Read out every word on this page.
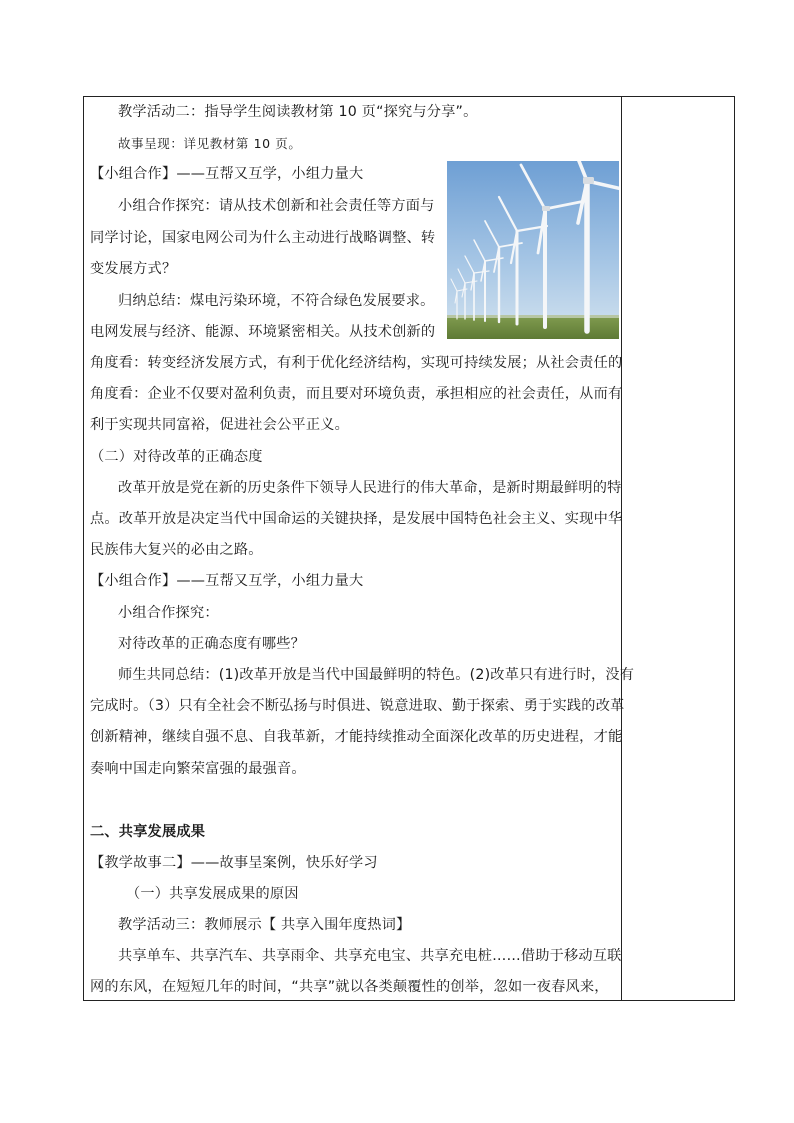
教学活动二：指导学生阅读教材第 10 页“探究与分享”。
故事呈现：详见教材第 10 页。
【小组合作】——互帮又互学，小组力量大
小组合作探究：请从技术创新和社会责任等方面与
同学讨论，国家电网公司为什么主动进行战略调整、转
变发展方式？
归纳总结：煤电污染环境，不符合绿色发展要求。
电网发展与经济、能源、环境紧密相关。从技术创新的
角度看：转变经济发展方式，有利于优化经济结构，实现可持续发展；从社会责任的
角度看：企业不仅要对盈利负责，而且要对环境负责，承担相应的社会责任，从而有
利于实现共同富裕，促进社会公平正义。
（二）对待改革的正确态度
改革开放是党在新的历史条件下领导人民进行的伟大革命，是新时期最鲜明的特
点。改革开放是决定当代中国命运的关键抉择，是发展中国特色社会主义、实现中华
民族伟大复兴的必由之路。
【小组合作】——互帮又互学，小组力量大
小组合作探究：
对待改革的正确态度有哪些？
师生共同总结：(1)改革开放是当代中国最鲜明的特色。(2)改革只有进行时，没有
完成时。（3）只有全社会不断弘扬与时俱进、锐意进取、勤于探索、勇于实践的改革
创新精神，继续自强不息、自我革新，才能持续推动全面深化改革的历史进程，才能
奏响中国走向繁荣富强的最强音。
二、共享发展成果
【教学故事二】——故事呈案例，快乐好学习
（一）共享发展成果的原因
教学活动三：教师展示【 共享入围年度热词】
共享单车、共享汽车、共享雨伞、共享充电宝、共享充电桩……借助于移动互联
网的东风，在短短几年的时间，“共享”就以各类颠覆性的创举，忽如一夜春风来，
